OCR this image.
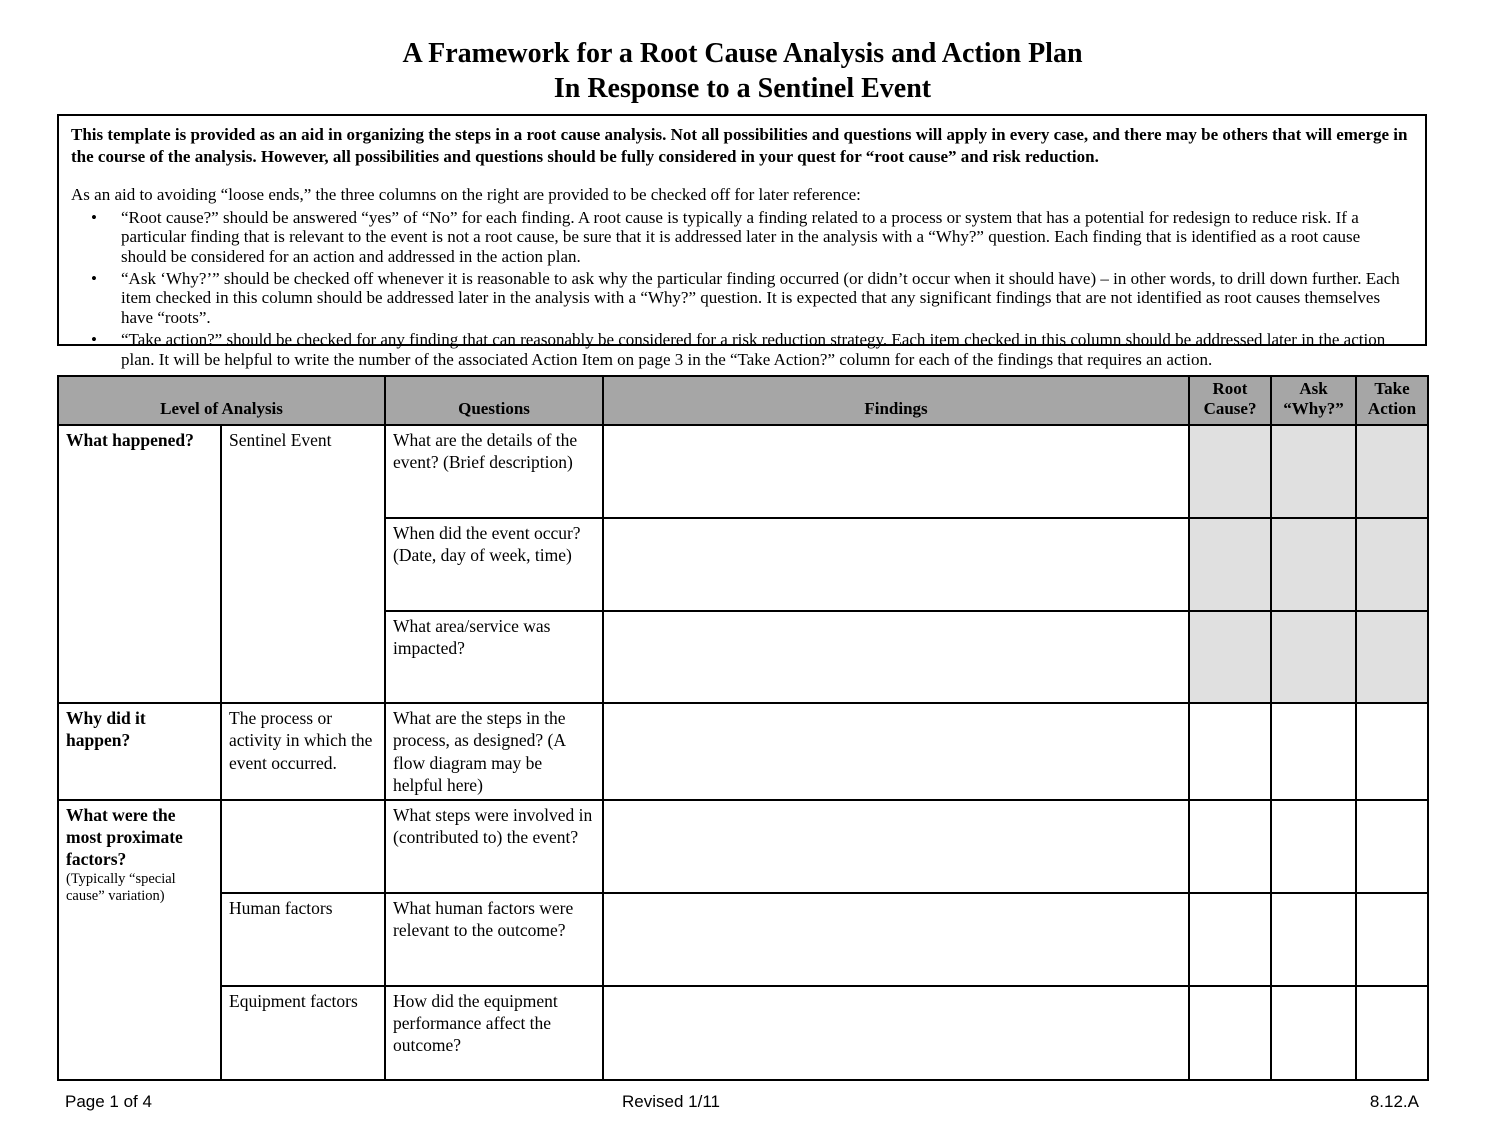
A Framework for a Root Cause Analysis and Action Plan
In Response to a Sentinel Event

This template is provided as an aid in organizing the steps in a root cause analysis. Not all possibilities and questions will apply in every case, and there may be others that will emerge in the course of the analysis. However, all possibilities and questions should be fully considered in your quest for “root cause” and risk reduction.

As an aid to avoiding “loose ends,” the three columns on the right are provided to be checked off for later reference:
•	“Root cause?” should be answered “yes” of “No” for each finding. A root cause is typically a finding related to a process or system that has a potential for redesign to reduce risk. If a particular finding that is relevant to the event is not a root cause, be sure that it is addressed later in the analysis with a “Why?” question. Each finding that is identified as a root cause should be considered for an action and addressed in the action plan.
•	“Ask ‘Why?’” should be checked off whenever it is reasonable to ask why the particular finding occurred (or didn’t occur when it should have) – in other words, to drill down further. Each item checked in this column should be addressed later in the analysis with a “Why?” question. It is expected that any significant findings that are not identified as root causes themselves have “roots”.
•	“Take action?” should be checked for any finding that can reasonably be considered for a risk reduction strategy. Each item checked in this column should be addressed later in the action plan. It will be helpful to write the number of the associated Action Item on page 3 in the “Take Action?” column for each of the findings that requires an action.
Level of Analysis		Questions	Findings	Root Cause?	Ask “Why?”	Take Action
What happened?	Sentinel Event	What are the details of the event? (Brief description)				
		When did the event occur? (Date, day of week, time)				
		What area/service was impacted?				
Why did it happen?	The process or activity in which the event occurred.	What are the steps in the process, as designed? (A flow diagram may be helpful here)				

What were the most proximate factors?
(Typically “special cause” variation)		What steps were involved in (contributed to) the event?				
	Human factors	What human factors were relevant to the outcome?				
	Equipment factors	How did the equipment performance affect the outcome?				
Page 1 of 4	Revised 1/11	8.12.A
